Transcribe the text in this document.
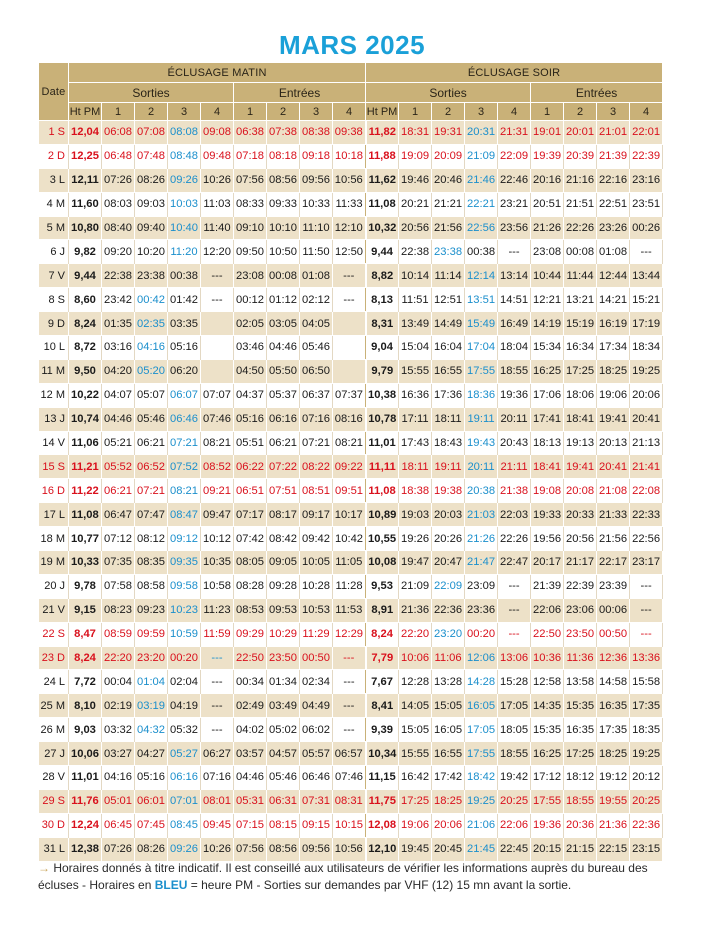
MARS 2025
Date	ÉCLUSAGE MATIN									ÉCLUSAGE SOIR								
	Sorties					Entrées				Sorties					Entrées			
	Ht PM	1	2	3	4	1	2	3	4	Ht PM	1	2	3	4	1	2	3	4
1 S	12,04	06:08	07:08	08:08	09:08	06:38	07:38	08:38	09:38	11,82	18:31	19:31	20:31	21:31	19:01	20:01	21:01	22:01
2 D	12,25	06:48	07:48	08:48	09:48	07:18	08:18	09:18	10:18	11,88	19:09	20:09	21:09	22:09	19:39	20:39	21:39	22:39
3 L	12,11	07:26	08:26	09:26	10:26	07:56	08:56	09:56	10:56	11,62	19:46	20:46	21:46	22:46	20:16	21:16	22:16	23:16
4 M	11,60	08:03	09:03	10:03	11:03	08:33	09:33	10:33	11:33	11,08	20:21	21:21	22:21	23:21	20:51	21:51	22:51	23:51
5 M	10,80	08:40	09:40	10:40	11:40	09:10	10:10	11:10	12:10	10,32	20:56	21:56	22:56	23:56	21:26	22:26	23:26	00:26
6 J	9,82	09:20	10:20	11:20	12:20	09:50	10:50	11:50	12:50	9,44	22:38	23:38	00:38	---	23:08	00:08	01:08	---
7 V	9,44	22:38	23:38	00:38	---	23:08	00:08	01:08	---	8,82	10:14	11:14	12:14	13:14	10:44	11:44	12:44	13:44
8 S	8,60	23:42	00:42	01:42	---	00:12	01:12	02:12	---	8,13	11:51	12:51	13:51	14:51	12:21	13:21	14:21	15:21
9 D	8,24	01:35	02:35	03:35		02:05	03:05	04:05		8,31	13:49	14:49	15:49	16:49	14:19	15:19	16:19	17:19
10 L	8,72	03:16	04:16	05:16		03:46	04:46	05:46		9,04	15:04	16:04	17:04	18:04	15:34	16:34	17:34	18:34
11 M	9,50	04:20	05:20	06:20		04:50	05:50	06:50		9,79	15:55	16:55	17:55	18:55	16:25	17:25	18:25	19:25
12 M	10,22	04:07	05:07	06:07	07:07	04:37	05:37	06:37	07:37	10,38	16:36	17:36	18:36	19:36	17:06	18:06	19:06	20:06
13 J	10,74	04:46	05:46	06:46	07:46	05:16	06:16	07:16	08:16	10,78	17:11	18:11	19:11	20:11	17:41	18:41	19:41	20:41
14 V	11,06	05:21	06:21	07:21	08:21	05:51	06:21	07:21	08:21	11,01	17:43	18:43	19:43	20:43	18:13	19:13	20:13	21:13
15 S	11,21	05:52	06:52	07:52	08:52	06:22	07:22	08:22	09:22	11,11	18:11	19:11	20:11	21:11	18:41	19:41	20:41	21:41
16 D	11,22	06:21	07:21	08:21	09:21	06:51	07:51	08:51	09:51	11,08	18:38	19:38	20:38	21:38	19:08	20:08	21:08	22:08
17 L	11,08	06:47	07:47	08:47	09:47	07:17	08:17	09:17	10:17	10,89	19:03	20:03	21:03	22:03	19:33	20:33	21:33	22:33
18 M	10,77	07:12	08:12	09:12	10:12	07:42	08:42	09:42	10:42	10,55	19:26	20:26	21:26	22:26	19:56	20:56	21:56	22:56
19 M	10,33	07:35	08:35	09:35	10:35	08:05	09:05	10:05	11:05	10,08	19:47	20:47	21:47	22:47	20:17	21:17	22:17	23:17
20 J	9,78	07:58	08:58	09:58	10:58	08:28	09:28	10:28	11:28	9,53	21:09	22:09	23:09	---	21:39	22:39	23:39	---
21 V	9,15	08:23	09:23	10:23	11:23	08:53	09:53	10:53	11:53	8,91	21:36	22:36	23:36	---	22:06	23:06	00:06	---
22 S	8,47	08:59	09:59	10:59	11:59	09:29	10:29	11:29	12:29	8,24	22:20	23:20	00:20	---	22:50	23:50	00:50	---
23 D	8,24	22:20	23:20	00:20	---	22:50	23:50	00:50	---	7,79	10:06	11:06	12:06	13:06	10:36	11:36	12:36	13:36
24 L	7,72	00:04	01:04	02:04	---	00:34	01:34	02:34	---	7,67	12:28	13:28	14:28	15:28	12:58	13:58	14:58	15:58
25 M	8,10	02:19	03:19	04:19	---	02:49	03:49	04:49	---	8,41	14:05	15:05	16:05	17:05	14:35	15:35	16:35	17:35
26 M	9,03	03:32	04:32	05:32	---	04:02	05:02	06:02	---	9,39	15:05	16:05	17:05	18:05	15:35	16:35	17:35	18:35
27 J	10,06	03:27	04:27	05:27	06:27	03:57	04:57	05:57	06:57	10,34	15:55	16:55	17:55	18:55	16:25	17:25	18:25	19:25
28 V	11,01	04:16	05:16	06:16	07:16	04:46	05:46	06:46	07:46	11,15	16:42	17:42	18:42	19:42	17:12	18:12	19:12	20:12
29 S	11,76	05:01	06:01	07:01	08:01	05:31	06:31	07:31	08:31	11,75	17:25	18:25	19:25	20:25	17:55	18:55	19:55	20:25
30 D	12,24	06:45	07:45	08:45	09:45	07:15	08:15	09:15	10:15	12,08	19:06	20:06	21:06	22:06	19:36	20:36	21:36	22:36
31 L	12,38	07:26	08:26	09:26	10:26	07:56	08:56	09:56	10:56	12,10	19:45	20:45	21:45	22:45	20:15	21:15	22:15	23:15
→ Horaires donnés à titre indicatif. Il est conseillé aux utilisateurs de vérifier les informations auprès du bureau des écluses - Horaires en BLEU = heure PM - Sorties sur demandes par VHF (12) 15 mn avant la sortie.
